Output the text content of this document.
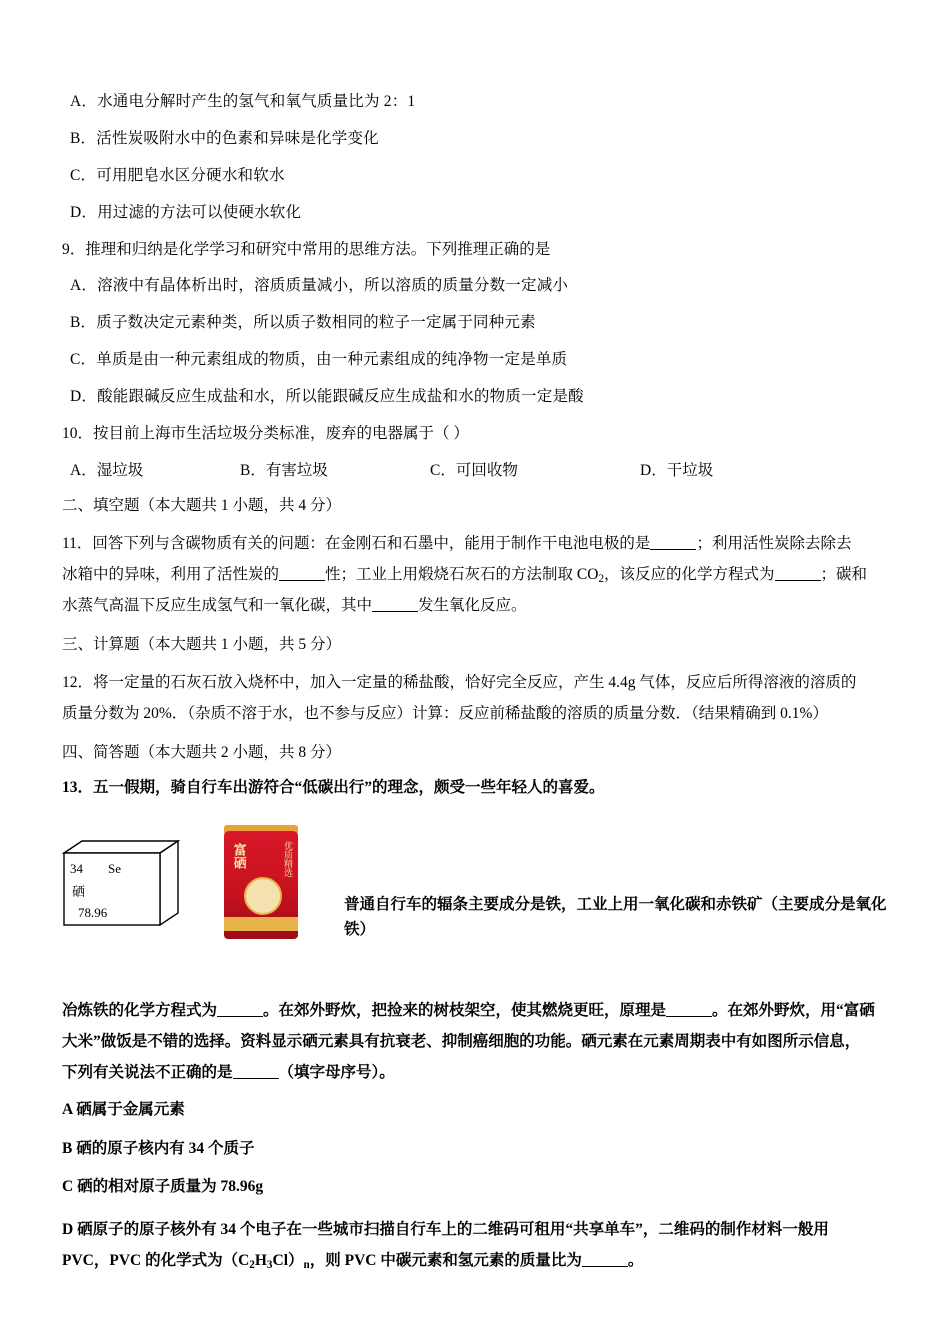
A．水通电分解时产生的氢气和氧气质量比为 2：1
B．活性炭吸附水中的色素和异味是化学变化
C．可用肥皂水区分硬水和软水
D．用过滤的方法可以使硬水软化
9．推理和归纳是化学学习和研究中常用的思维方法。下列推理正确的是
A．溶液中有晶体析出时，溶质质量减小，所以溶质的质量分数一定减小
B．质子数决定元素种类，所以质子数相同的粒子一定属于同种元素
C．单质是由一种元素组成的物质，由一种元素组成的纯净物一定是单质
D．酸能跟碱反应生成盐和水，所以能跟碱反应生成盐和水的物质一定是酸
10．按目前上海市生活垃圾分类标准，废弃的电器属于（ ）
A．湿垃圾	B．有害垃圾	C．可回收物	D．干垃圾
二、填空题（本大题共 1 小题，共 4 分）
11．回答下列与含碳物质有关的问题：在金刚石和石墨中，能用于制作干电池电极的是	；利用活性炭除去除去
冰箱中的异味，利用了活性炭的	性；工业上用煅烧石灰石的方法制取 $CO_2$，该反应的化学方程式为	；碳和
水蒸气高温下反应生成氢气和一氧化碳，其中	发生氧化反应。
三、计算题（本大题共 1 小题，共 5 分）
12．将一定量的石灰石放入烧杯中，加入一定量的稀盐酸，恰好完全反应，产生 4.4g 气体，反应后所得溶液的溶质的
质量分数为 20%．（杂质不溶于水，也不参与反应）计算：反应前稀盐酸的溶质的质量分数．（结果精确到 0.1%）
四、简答题（本大题共 2 小题，共 8 分）
13．五一假期，骑自行车出游符合“低碳出行”的理念，颇受一些年轻人的喜爱。
34 Se
硒
78.96
富硒	优质精选
普通自行车的辐条主要成分是铁，工业上用一氧化碳和赤铁矿（主要成分是氧化铁）
冶炼铁的化学方程式为	。在郊外野炊，把捡来的树枝架空，使其燃烧更旺，原理是	。在郊外野炊，用“富硒
大米”做饭是不错的选择。资料显示硒元素具有抗衰老、抑制癌细胞的功能。硒元素在元素周期表中有如图所示信息，
下列有关说法不正确的是	（填字母序号）。
A 硒属于金属元素
B 硒的原子核内有 34 个质子
C 硒的相对原子质量为 78.96g
D 硒原子的原子核外有 34 个电子在一些城市扫描自行车上的二维码可租用“共享单车”，二维码的制作材料一般用
PVC，PVC 的化学式为$(C_2H_3Cl)_n$，则 PVC 中碳元素和氢元素的质量比为	。
